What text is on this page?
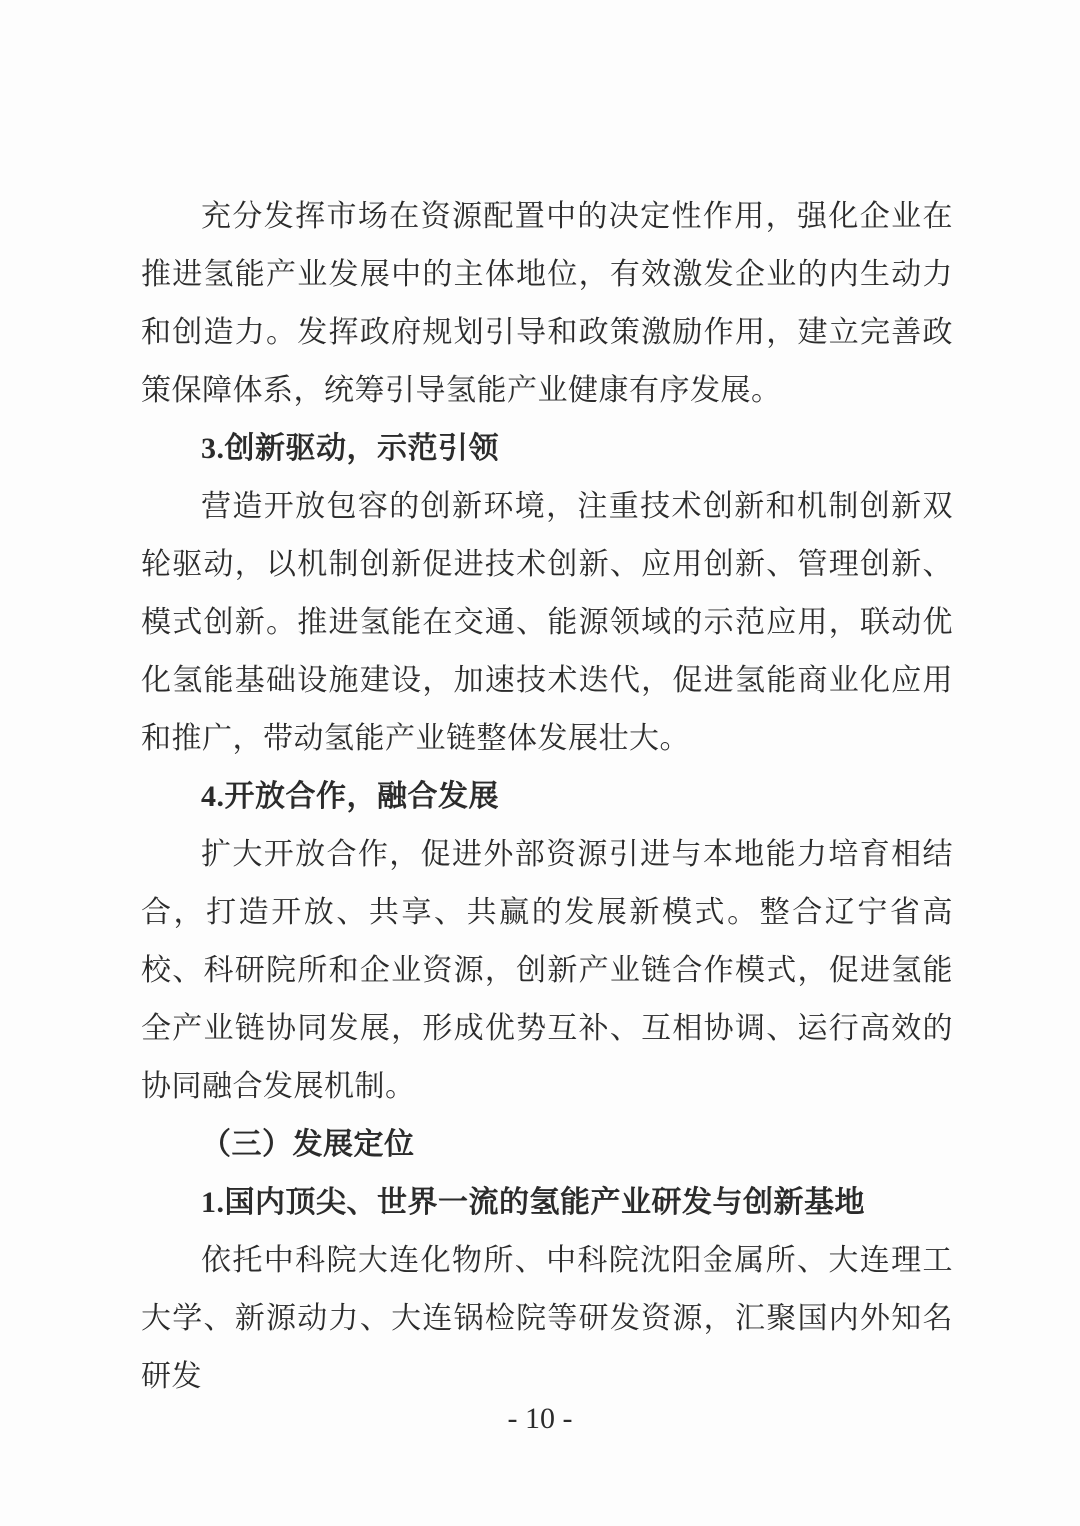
充分发挥市场在资源配置中的决定性作用，强化企业在推进氢能产业发展中的主体地位，有效激发企业的内生动力和创造力。发挥政府规划引导和政策激励作用，建立完善政策保障体系，统筹引导氢能产业健康有序发展。

3.创新驱动，示范引领

营造开放包容的创新环境，注重技术创新和机制创新双轮驱动，以机制创新促进技术创新、应用创新、管理创新、模式创新。推进氢能在交通、能源领域的示范应用，联动优化氢能基础设施建设，加速技术迭代，促进氢能商业化应用和推广，带动氢能产业链整体发展壮大。

4.开放合作，融合发展

扩大开放合作，促进外部资源引进与本地能力培育相结合，打造开放、共享、共赢的发展新模式。整合辽宁省高校、科研院所和企业资源，创新产业链合作模式，促进氢能全产业链协同发展，形成优势互补、互相协调、运行高效的协同融合发展机制。

（三）发展定位
1.国内顶尖、世界一流的氢能产业研发与创新基地

依托中科院大连化物所、中科院沈阳金属所、大连理工大学、新源动力、大连锅检院等研发资源，汇聚国内外知名研发

- 10 -
